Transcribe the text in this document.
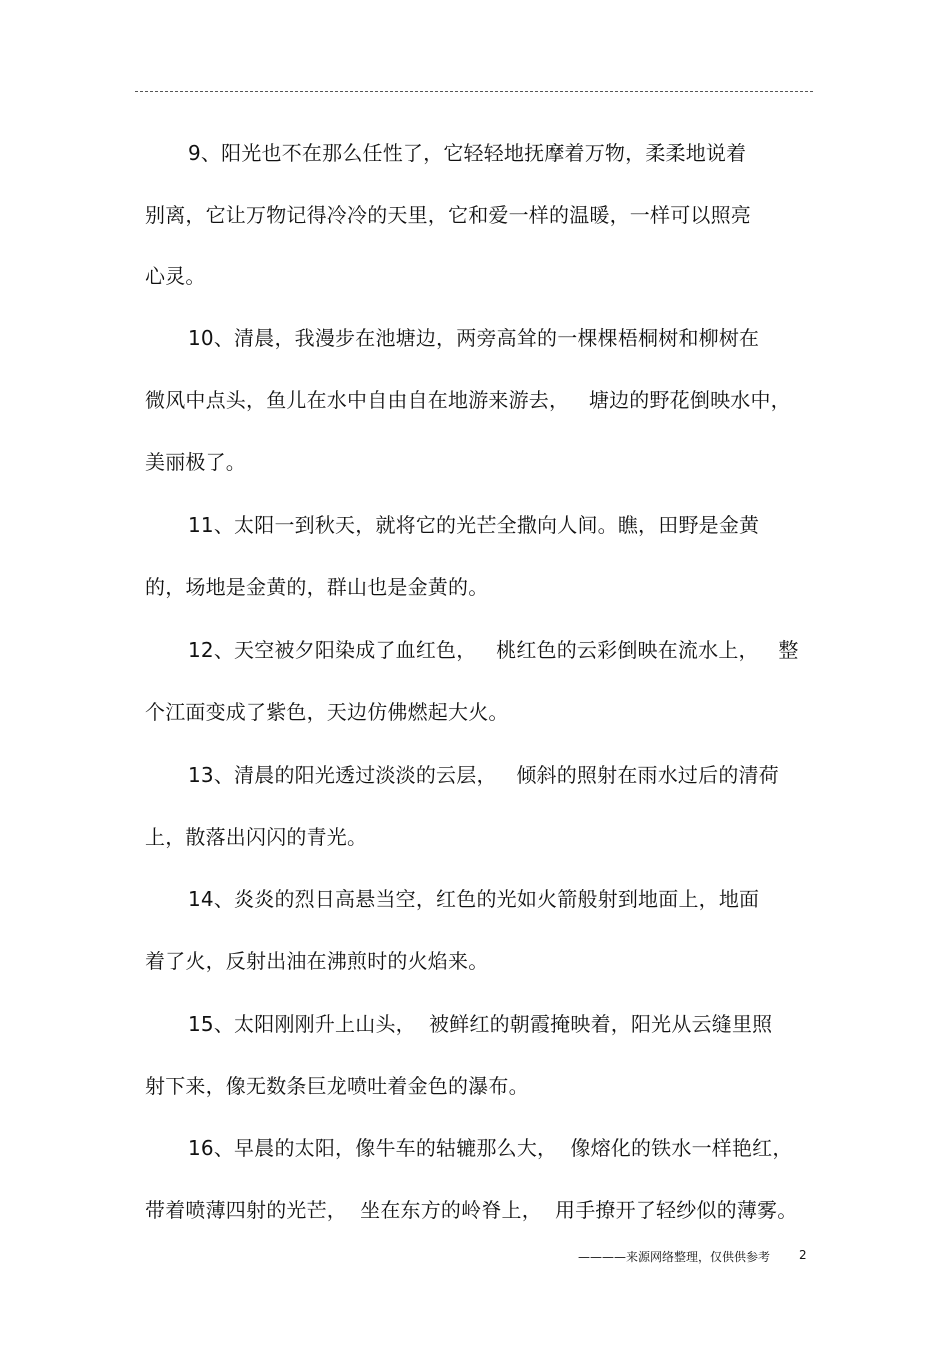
9、阳光也不在那么任性了，它轻轻地抚摩着万物，柔柔地说着
别离，它让万物记得冷冷的天里，它和爱一样的温暖，一样可以照亮
心灵。
10、清晨，我漫步在池塘边，两旁高耸的一棵棵梧桐树和柳树在
微风中点头，鱼儿在水中自由自在地游来游去，   塘边的野花倒映水中，
美丽极了。
11、太阳一到秋天，就将它的光芒全撒向人间。瞧，田野是金黄
的，场地是金黄的，群山也是金黄的。
12、天空被夕阳染成了血红色，   桃红色的云彩倒映在流水上，   整
个江面变成了紫色，天边仿佛燃起大火。
13、清晨的阳光透过淡淡的云层，   倾斜的照射在雨水过后的清荷
上，散落出闪闪的青光。
14、炎炎的烈日高悬当空，红色的光如火箭般射到地面上，地面
着了火，反射出油在沸煎时的火焰来。
15、太阳刚刚升上山头，  被鲜红的朝霞掩映着，阳光从云缝里照
射下来，像无数条巨龙喷吐着金色的瀑布。
16、早晨的太阳，像牛车的轱辘那么大，  像熔化的铁水一样艳红，
带着喷薄四射的光芒，  坐在东方的岭脊上，  用手撩开了轻纱似的薄雾。
————来源网络整理，仅供供参考 2
